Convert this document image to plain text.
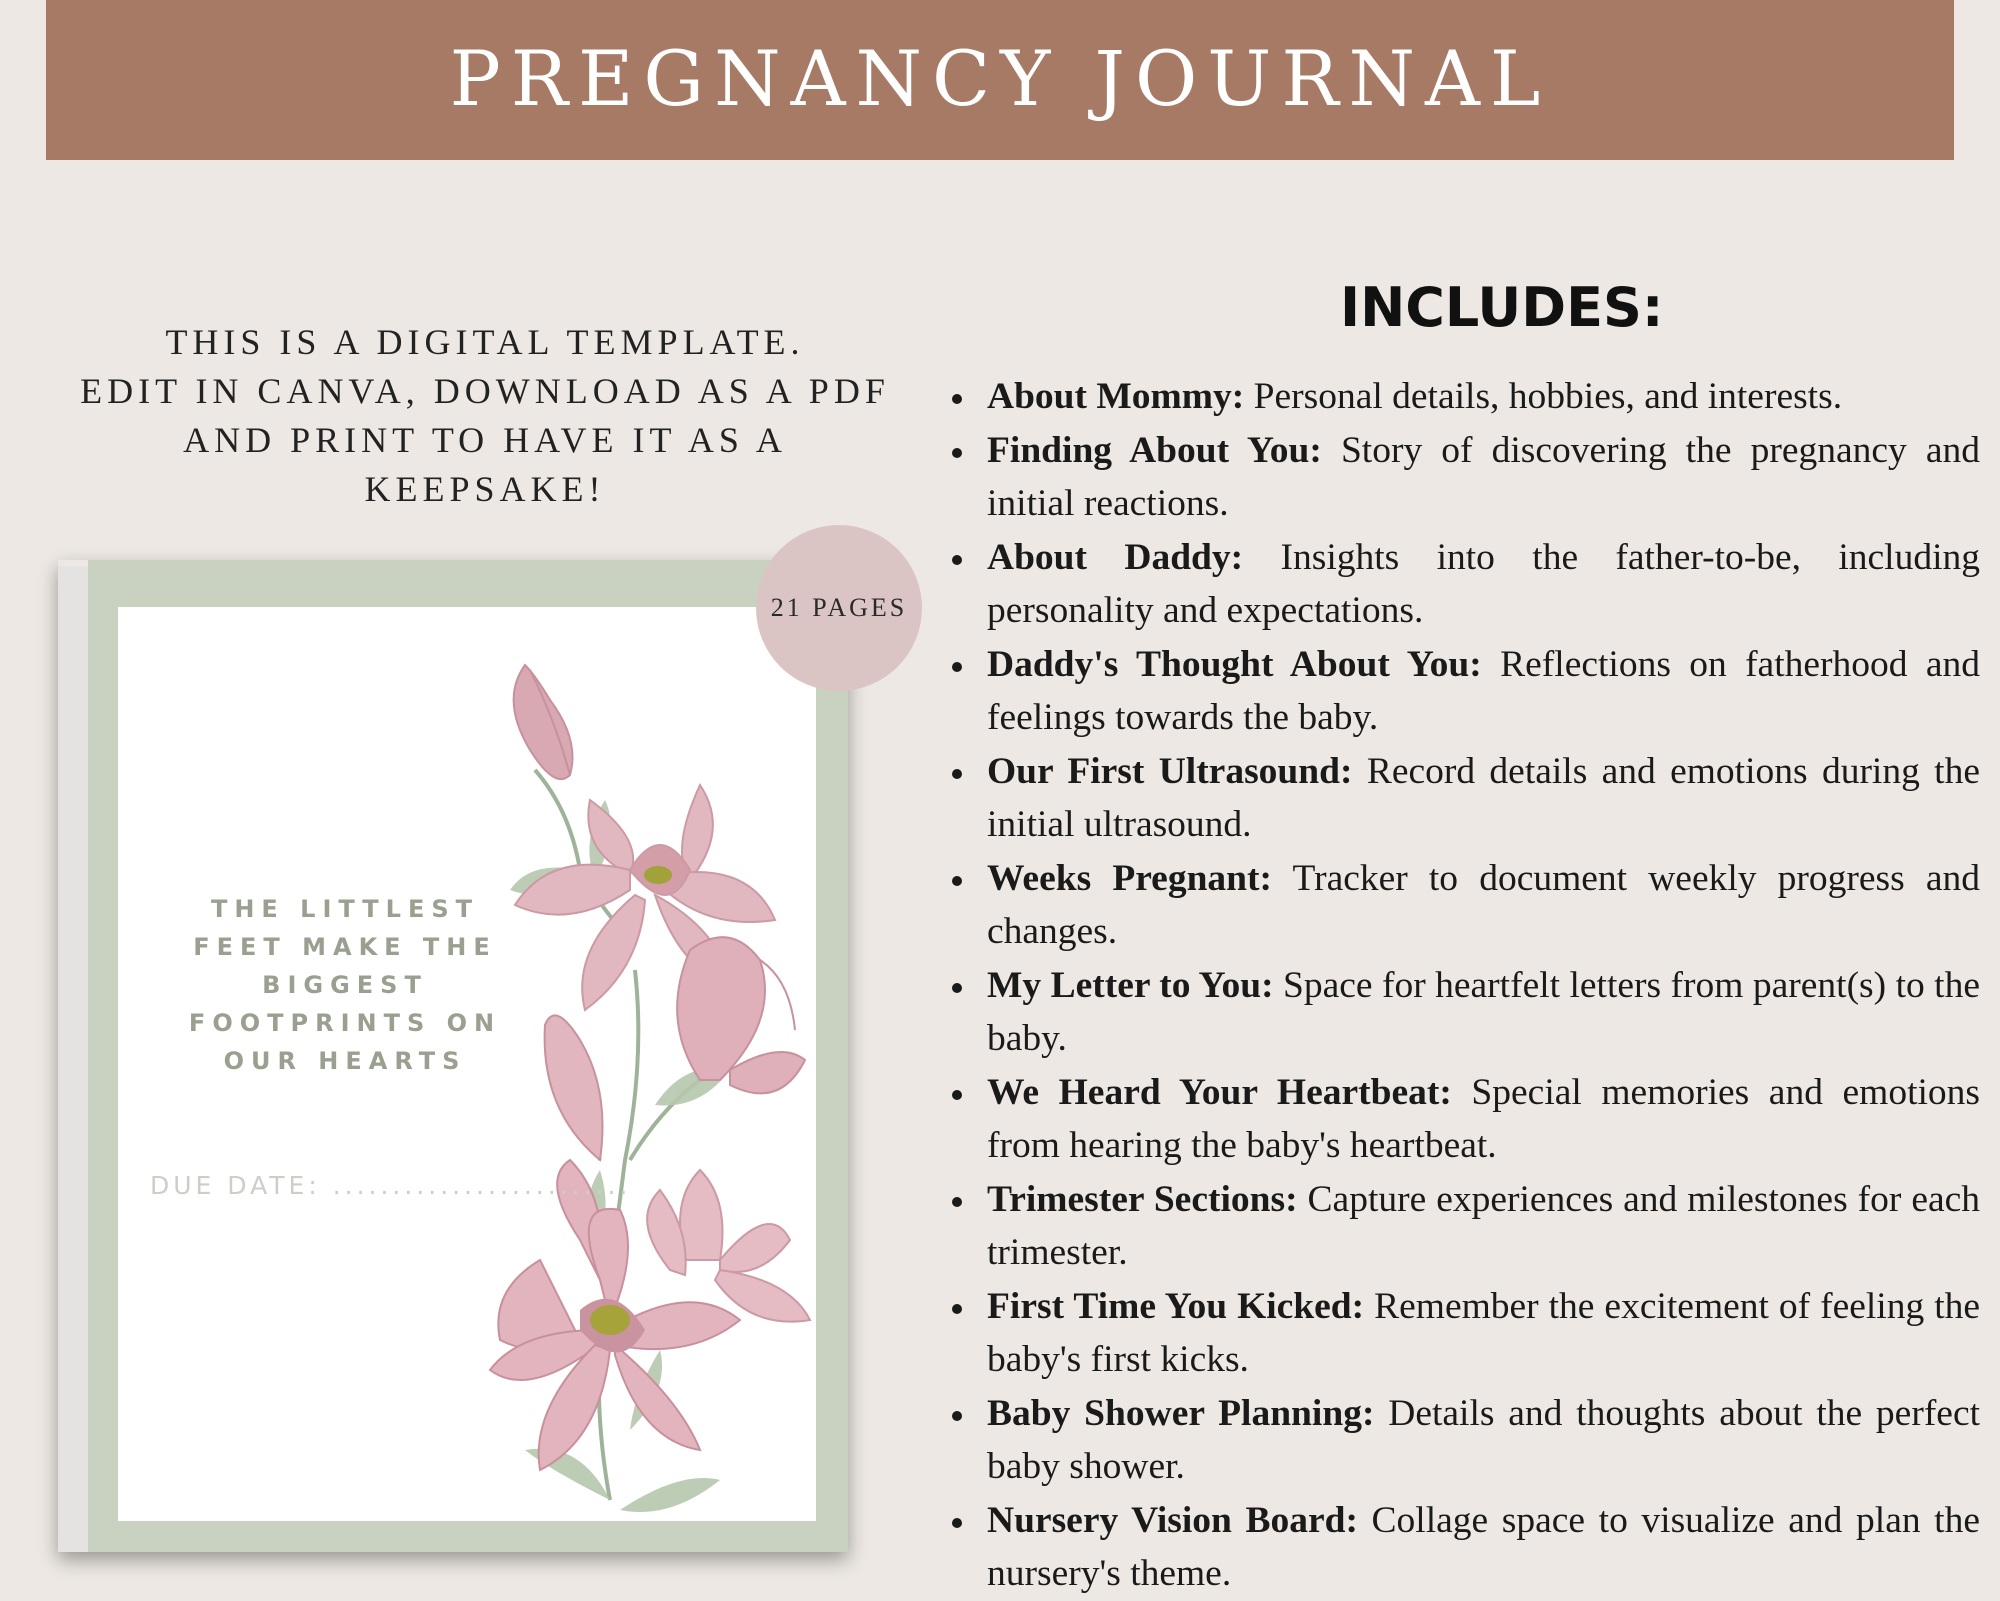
PREGNANCY JOURNAL
THIS IS A DIGITAL TEMPLATE.
EDIT IN CANVA, DOWNLOAD AS A PDF
AND PRINT TO HAVE IT AS A
KEEPSAKE!
THE LITTLEST
FEET MAKE THE
BIGGEST
FOOTPRINTS ON
OUR HEARTS
DUE DATE: .........................
21 PAGES
INCLUDES:
About Mommy: Personal details, hobbies, and interests.
Finding About You: Story of discovering the pregnancy and initial reactions.
About Daddy: Insights into the father-to-be, including personality and expectations.
Daddy's Thought About You: Reflections on fatherhood and feelings towards the baby.
Our First Ultrasound: Record details and emotions during the initial ultrasound.
Weeks Pregnant: Tracker to document weekly progress and changes.
My Letter to You: Space for heartfelt letters from parent(s) to the baby.
We Heard Your Heartbeat: Special memories and emotions from hearing the baby's heartbeat.
Trimester Sections: Capture experiences and milestones for each trimester.
First Time You Kicked: Remember the excitement of feeling the baby's first kicks.
Baby Shower Planning: Details and thoughts about the perfect baby shower.
Nursery Vision Board: Collage space to visualize and plan the nursery's theme.
